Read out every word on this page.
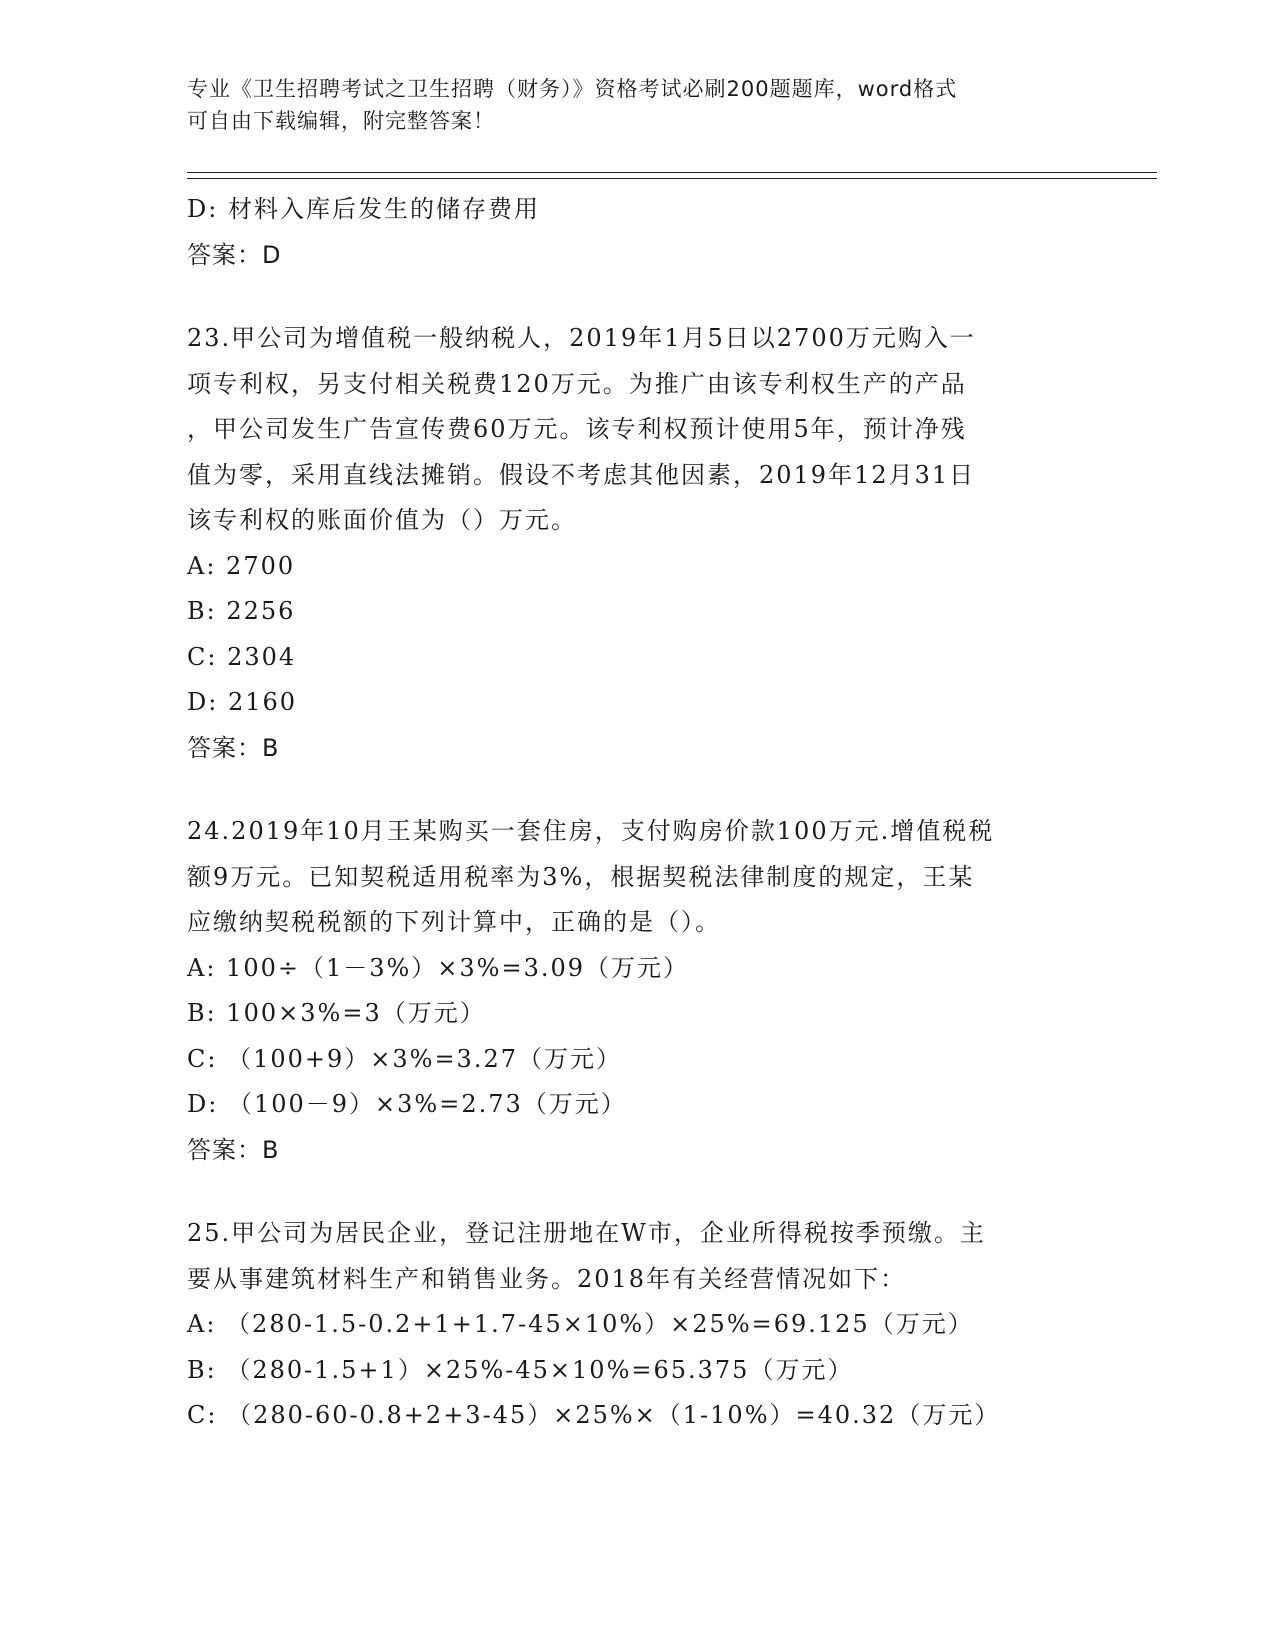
专业《卫生招聘考试之卫生招聘（财务）》资格考试必刷200题题库，word格式
可自由下载编辑，附完整答案！
D: 材料入库后发生的储存费用
答案：D
23.甲公司为增值税一般纳税人，2019年1月5日以2700万元购入一
项专利权，另支付相关税费120万元。为推广由该专利权生产的产品
，甲公司发生广告宣传费60万元。该专利权预计使用5年，预计净残
值为零，采用直线法摊销。假设不考虑其他因素，2019年12月31日
该专利权的账面价值为（）万元。
A: 2700
B: 2256
C: 2304
D: 2160
答案：B
24.2019年10月王某购买一套住房，支付购房价款100万元.增值税税
额9万元。已知契税适用税率为3%，根据契税法律制度的规定，王某
应缴纳契税税额的下列计算中，正确的是（）。
A: 100÷（1－3%）×3%=3.09（万元）
B: 100×3%=3（万元）
C: （100+9）×3%=3.27（万元）
D: （100－9）×3%=2.73（万元）
答案：B
25.甲公司为居民企业，登记注册地在W市，企业所得税按季预缴。主
要从事建筑材料生产和销售业务。2018年有关经营情况如下：
A: （280-1.5-0.2+1+1.7-45×10%）×25%=69.125（万元）
B: （280-1.5+1）×25%-45×10%=65.375（万元）
C: （280-60-0.8+2+3-45）×25%×（1-10%）=40.32（万元）
